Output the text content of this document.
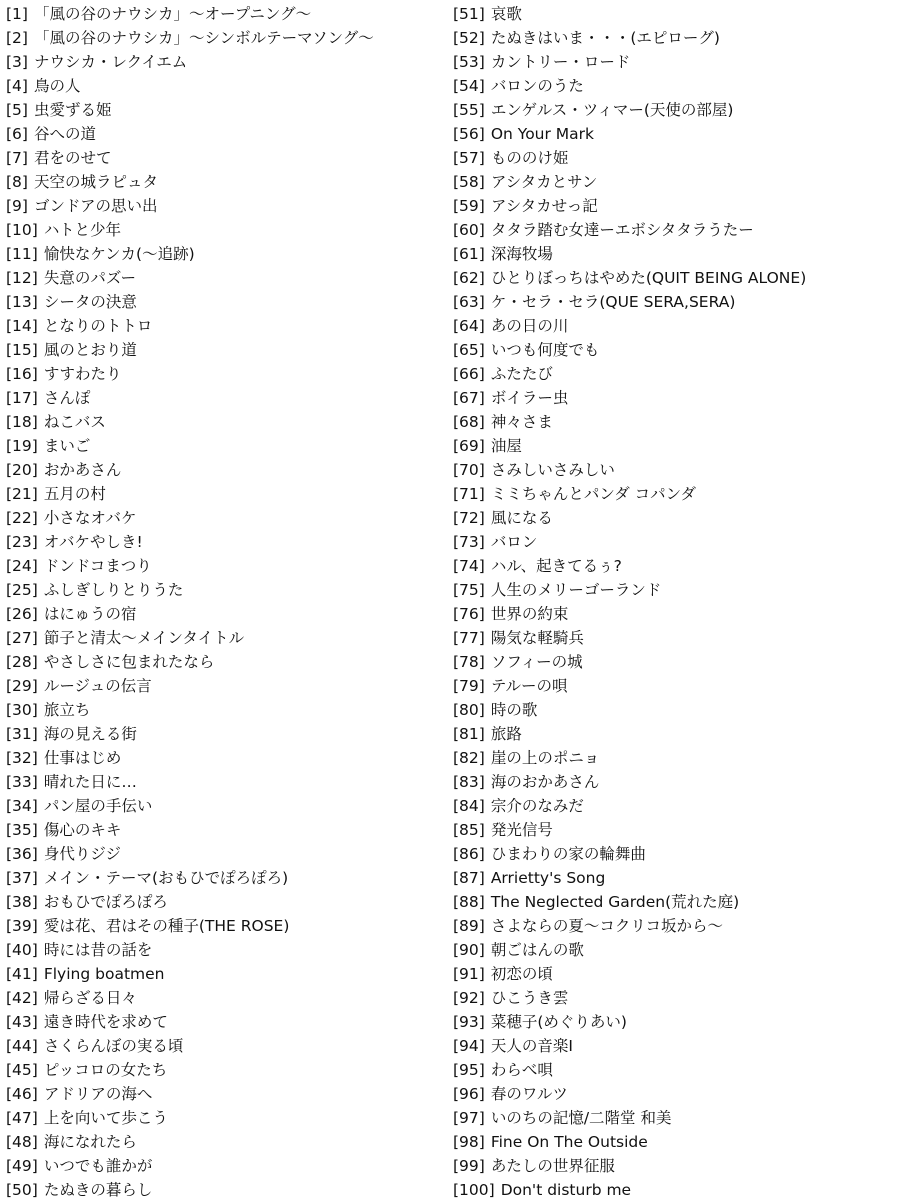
[1] 「風の谷のナウシカ」〜オープニング〜
[2] 「風の谷のナウシカ」〜シンボルテーマソング〜
[3] ナウシカ・レクイエム
[4] 鳥の人
[5] 虫愛ずる姫
[6] 谷への道
[7] 君をのせて
[8] 天空の城ラピュタ
[9] ゴンドアの思い出
[10] ハトと少年
[11] 愉快なケンカ(〜追跡)
[12] 失意のパズー
[13] シータの決意
[14] となりのトトロ
[15] 風のとおり道
[16] すすわたり
[17] さんぽ
[18] ねこバス
[19] まいご
[20] おかあさん
[21] 五月の村
[22] 小さなオバケ
[23] オバケやしき!
[24] ドンドコまつり
[25] ふしぎしりとりうた
[26] はにゅうの宿
[27] 節子と清太〜メインタイトル
[28] やさしさに包まれたなら
[29] ルージュの伝言
[30] 旅立ち
[31] 海の見える街
[32] 仕事はじめ
[33] 晴れた日に…
[34] パン屋の手伝い
[35] 傷心のキキ
[36] 身代りジジ
[37] メイン・テーマ(おもひでぽろぽろ)
[38] おもひでぽろぽろ
[39] 愛は花、君はその種子(THE ROSE)
[40] 時には昔の話を
[41] Flying boatmen
[42] 帰らざる日々
[43] 遠き時代を求めて
[44] さくらんぼの実る頃
[45] ピッコロの女たち
[46] アドリアの海へ
[47] 上を向いて歩こう
[48] 海になれたら
[49] いつでも誰かが
[50] たぬきの暮らし
[51] 哀歌
[52] たぬきはいま・・・(エピローグ)
[53] カントリー・ロード
[54] バロンのうた
[55] エンゲルス・ツィマー(天使の部屋)
[56] On Your Mark
[57] もののけ姫
[58] アシタカとサン
[59] アシタカせっ記
[60] タタラ踏む女達ーエボシタタラうたー
[61] 深海牧場
[62] ひとりぼっちはやめた(QUIT BEING ALONE)
[63] ケ・セラ・セラ(QUE SERA,SERA)
[64] あの日の川
[65] いつも何度でも
[66] ふたたび
[67] ボイラー虫
[68] 神々さま
[69] 油屋
[70] さみしいさみしい
[71] ミミちゃんとパンダ コパンダ
[72] 風になる
[73] バロン
[74] ハル、起きてるぅ?
[75] 人生のメリーゴーランド
[76] 世界の約束
[77] 陽気な軽騎兵
[78] ソフィーの城
[79] テルーの唄
[80] 時の歌
[81] 旅路
[82] 崖の上のポニョ
[83] 海のおかあさん
[84] 宗介のなみだ
[85] 発光信号
[86] ひまわりの家の輪舞曲
[87] Arrietty's Song
[88] The Neglected Garden(荒れた庭)
[89] さよならの夏〜コクリコ坂から〜
[90] 朝ごはんの歌
[91] 初恋の頃
[92] ひこうき雲
[93] 菜穂子(めぐりあい)
[94] 天人の音楽I
[95] わらべ唄
[96] 春のワルツ
[97] いのちの記憶/二階堂 和美
[98] Fine On The Outside
[99] あたしの世界征服
[100] Don't disturb me
